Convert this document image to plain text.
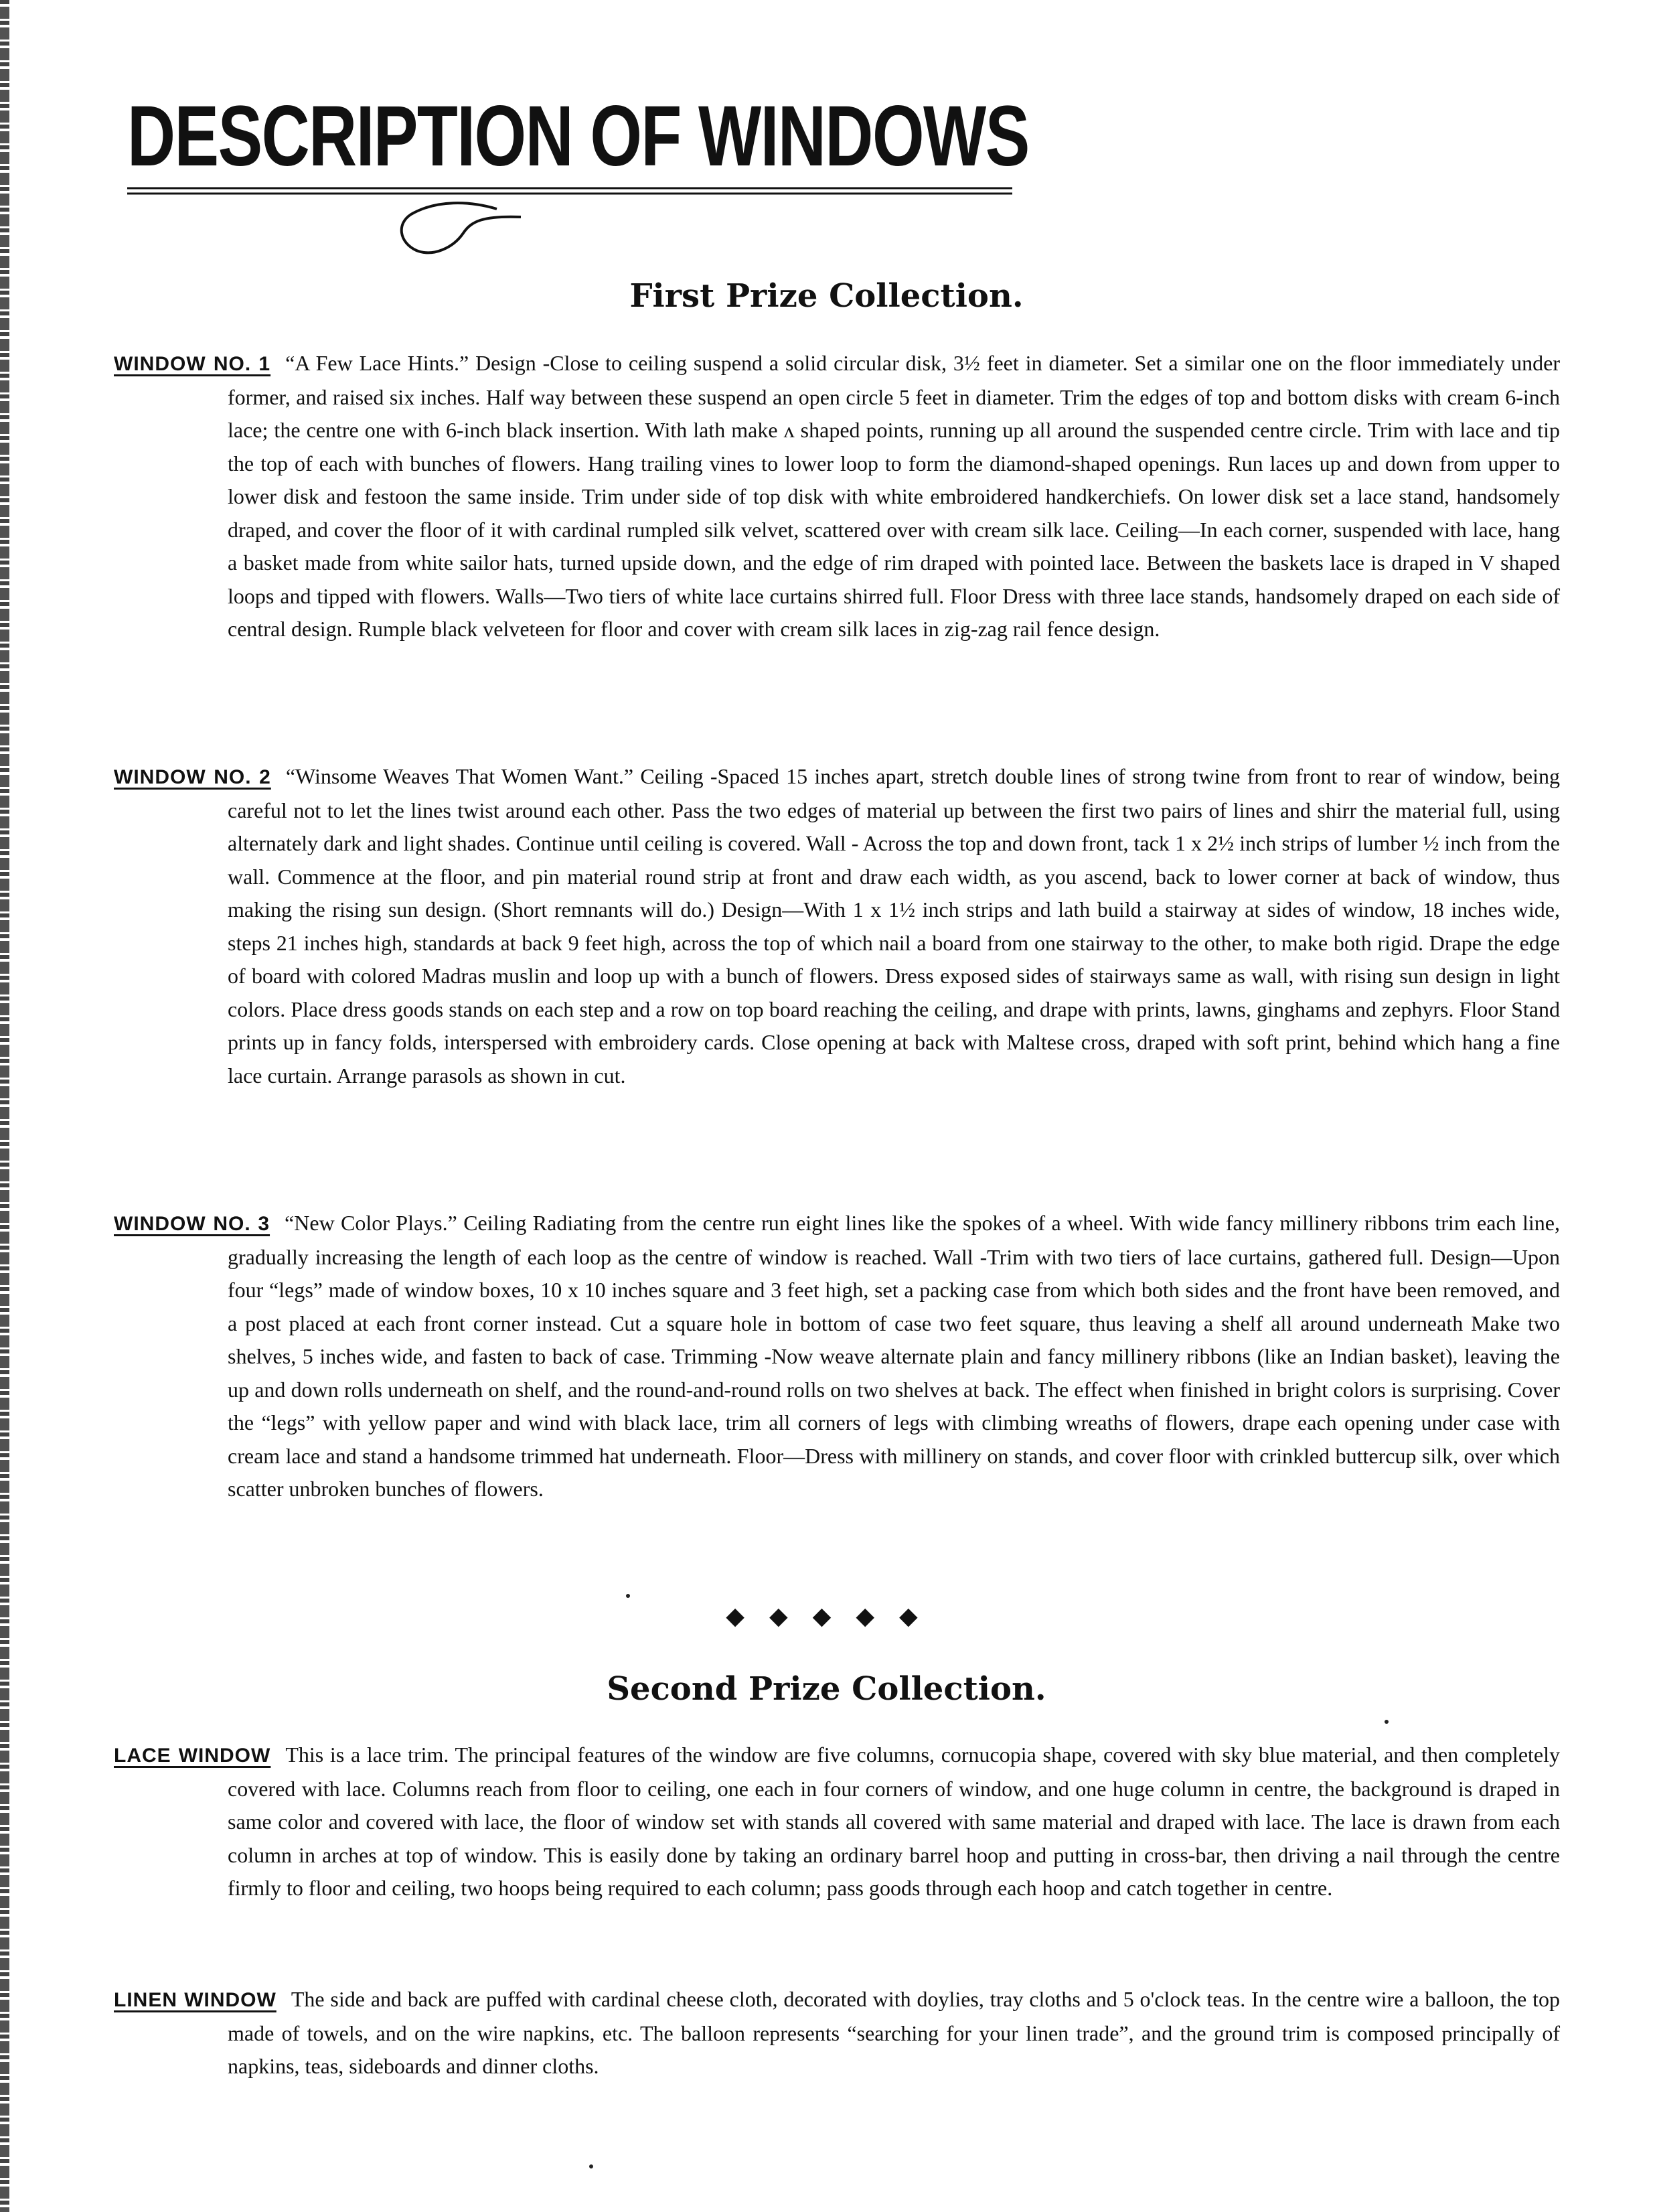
DESCRIPTION OF WINDOWS
First Prize Collection.
WINDOW NO. 1 “A Few Lace Hints.” Design -Close to ceiling suspend a solid circular disk, 3½ feet in diameter. Set a similar one on the floor immediately under former, and raised six inches. Half way between these suspend an open circle 5 feet in diameter. Trim the edges of top and bottom disks with cream 6-inch lace; the centre one with 6-inch black insertion. With lath make ʌ shaped points, running up all around the suspended centre circle. Trim with lace and tip the top of each with bunches of flowers. Hang trailing vines to lower loop to form the diamond-shaped openings. Run laces up and down from upper to lower disk and festoon the same inside. Trim under side of top disk with white embroidered handkerchiefs. On lower disk set a lace stand, handsomely draped, and cover the floor of it with cardinal rumpled silk velvet, scattered over with cream silk lace. Ceiling—In each corner, suspended with lace, hang a basket made from white sailor hats, turned upside down, and the edge of rim draped with pointed lace. Between the baskets lace is draped in V shaped loops and tipped with flowers. Walls—Two tiers of white lace curtains shirred full. Floor Dress with three lace stands, handsomely draped on each side of central design. Rumple black velveteen for floor and cover with cream silk laces in zig-zag rail fence design.
WINDOW NO. 2 “Winsome Weaves That Women Want.” Ceiling -Spaced 15 inches apart, stretch double lines of strong twine from front to rear of window, being careful not to let the lines twist around each other. Pass the two edges of material up between the first two pairs of lines and shirr the material full, using alternately dark and light shades. Continue until ceiling is covered. Wall - Across the top and down front, tack 1 x 2½ inch strips of lumber ½ inch from the wall. Commence at the floor, and pin material round strip at front and draw each width, as you ascend, back to lower corner at back of window, thus making the rising sun design. (Short remnants will do.) Design—With 1 x 1½ inch strips and lath build a stairway at sides of window, 18 inches wide, steps 21 inches high, standards at back 9 feet high, across the top of which nail a board from one stairway to the other, to make both rigid. Drape the edge of board with colored Madras muslin and loop up with a bunch of flowers. Dress exposed sides of stairways same as wall, with rising sun design in light colors. Place dress goods stands on each step and a row on top board reaching the ceiling, and drape with prints, lawns, ginghams and zephyrs. Floor Stand prints up in fancy folds, interspersed with embroidery cards. Close opening at back with Maltese cross, draped with soft print, behind which hang a fine lace curtain. Arrange parasols as shown in cut.
WINDOW NO. 3 “New Color Plays.” Ceiling Radiating from the centre run eight lines like the spokes of a wheel. With wide fancy millinery ribbons trim each line, gradually increasing the length of each loop as the centre of window is reached. Wall -Trim with two tiers of lace curtains, gathered full. Design—Upon four “legs” made of window boxes, 10 x 10 inches square and 3 feet high, set a packing case from which both sides and the front have been removed, and a post placed at each front corner instead. Cut a square hole in bottom of case two feet square, thus leaving a shelf all around underneath Make two shelves, 5 inches wide, and fasten to back of case. Trimming -Now weave alternate plain and fancy millinery ribbons (like an Indian basket), leaving the up and down rolls underneath on shelf, and the round-and-round rolls on two shelves at back. The effect when finished in bright colors is surprising. Cover the “legs” with yellow paper and wind with black lace, trim all corners of legs with climbing wreaths of flowers, drape each opening under case with cream lace and stand a handsome trimmed hat underneath. Floor—Dress with millinery on stands, and cover floor with crinkled buttercup silk, over which scatter unbroken bunches of flowers.
◆ ◆ ◆ ◆ ◆
Second Prize Collection.
LACE WINDOW This is a lace trim. The principal features of the window are five columns, cornucopia shape, covered with sky blue material, and then completely covered with lace. Columns reach from floor to ceiling, one each in four corners of window, and one huge column in centre, the background is draped in same color and covered with lace, the floor of window set with stands all covered with same material and draped with lace. The lace is drawn from each column in arches at top of window. This is easily done by taking an ordinary barrel hoop and putting in cross-bar, then driving a nail through the centre firmly to floor and ceiling, two hoops being required to each column; pass goods through each hoop and catch together in centre.
LINEN WINDOW The side and back are puffed with cardinal cheese cloth, decorated with doylies, tray cloths and 5 o'clock teas. In the centre wire a balloon, the top made of towels, and on the wire napkins, etc. The balloon represents “searching for your linen trade”, and the ground trim is composed principally of napkins, teas, sideboards and dinner cloths.
